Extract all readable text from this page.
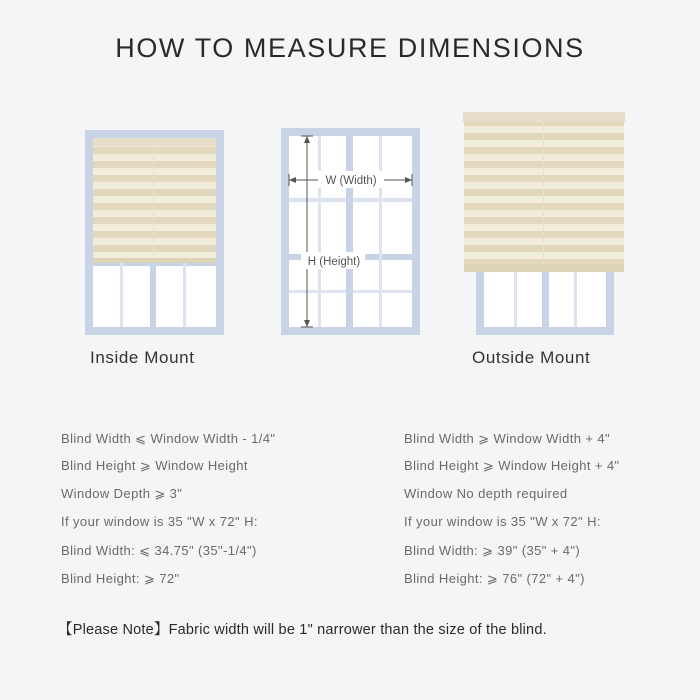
HOW TO MEASURE DIMENSIONS
W (Width)
H (Height)
Inside Mount	Outside Mount
Blind Width ⩽ Window Width - 1/4"
Blind Height ⩾ Window Height
Window Depth ⩾ 3"
If your window is 35 "W x 72" H:
Blind Width: ⩽ 34.75" (35"-1/4")
Blind Height: ⩾ 72"
Blind Width ⩾ Window Width + 4"
Blind Height ⩾ Window Height + 4"
Window No depth required
If your window is 35 "W x 72" H:
Blind Width: ⩾ 39" (35" + 4")
Blind Height: ⩾ 76" (72" + 4")
【Please Note】Fabric width will be 1" narrower than the size of the blind.
